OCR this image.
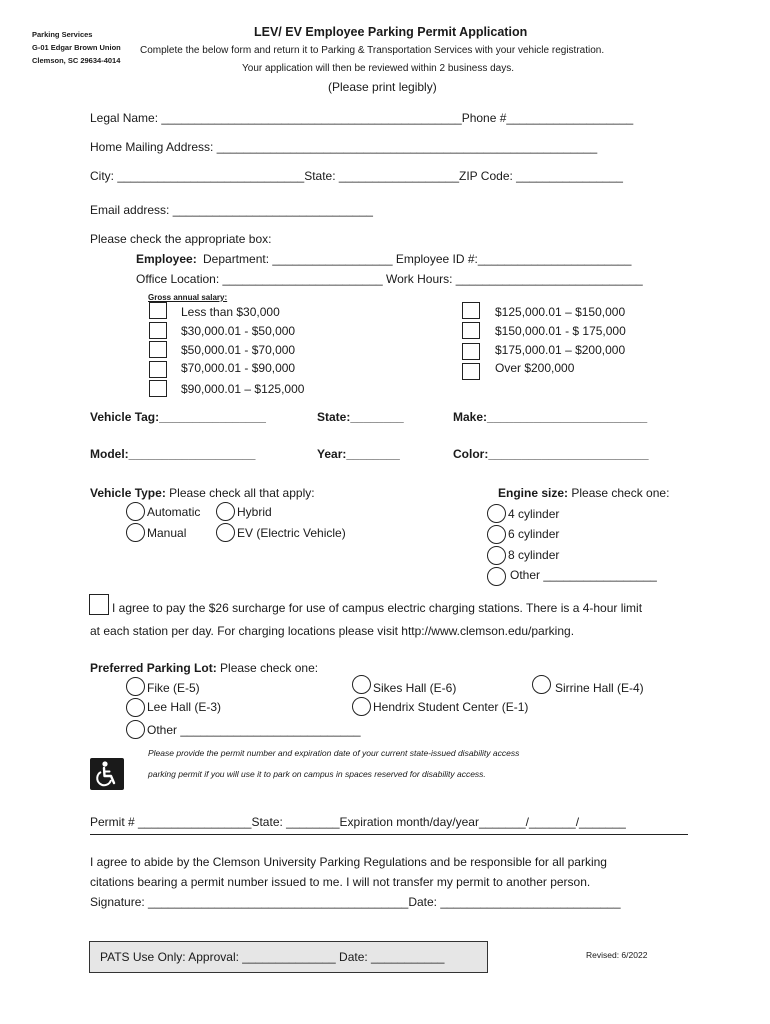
Parking Services
G-01 Edgar Brown Union
Clemson, SC 29634-4014
LEV/ EV Employee Parking Permit Application
Complete the below form and return it to Parking & Transportation Services with your vehicle registration.
Your application will then be reviewed within 2 business days.
(Please print legibly)
Legal Name: _____________________________________________Phone #___________________
Home Mailing Address: _________________________________________________________
City: ____________________________State: __________________ZIP Code: ________________
Email address: ______________________________
Please check the appropriate box:
Employee: Department: __________________ Employee ID #:_______________________
Office Location: ________________________ Work Hours: ____________________________
Gross annual salary:
Less than $30,000
$30,000.01 - $50,000
$50,000.01 - $70,000
$70,000.01 - $90,000
$90,000.01 – $125,000
$125,000.01 – $150,000
$150,000.01 - $ 175,000
$175,000.01 – $200,000
Over $200,000
Vehicle Tag:________________	State:________	Make:________________________
Model:___________________	Year:________	Color:________________________
Vehicle Type: Please check all that apply:
Automatic	Hybrid
Manual	EV (Electric Vehicle)
Engine size: Please check one:
4 cylinder
6 cylinder
8 cylinder
Other _________________
I agree to pay the $26 surcharge for use of campus electric charging stations. There is a 4-hour limit
at each station per day. For charging locations please visit http://www.clemson.edu/parking.
Preferred Parking Lot: Please check one:
Fike (E-5)	Sikes Hall (E-6)	Sirrine Hall (E-4)
Lee Hall (E-3)	Hendrix Student Center (E-1)
Other ___________________________
Please provide the permit number and expiration date of your current state-issued disability access
parking permit if you will use it to park on campus in spaces reserved for disability access.
Permit # _________________State: ________Expiration month/day/year_______/_______/_______
I agree to abide by the Clemson University Parking Regulations and be responsible for all parking
citations bearing a permit number issued to me. I will not transfer my permit to another person.
Signature: _______________________________________Date: ___________________________
PATS Use Only: Approval: ______________ Date: ___________	Revised: 6/2022
